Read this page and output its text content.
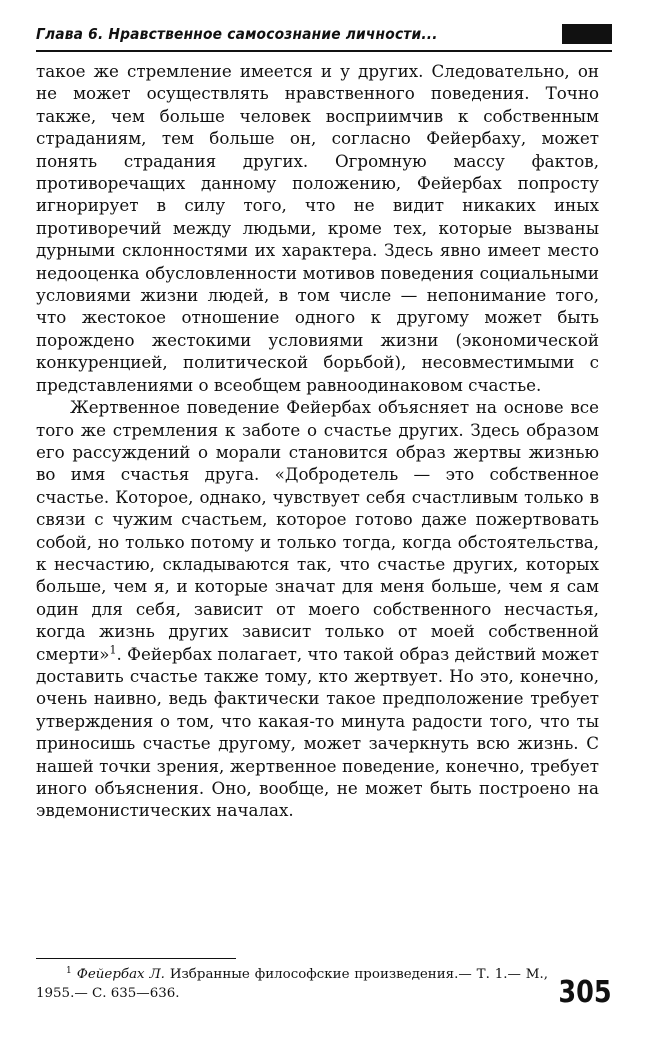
Глава 6. Нравственное самосознание личности...

такое же стремление имеется и у других. Следовательно, он не может осуществлять нравственного поведения. Точно также, чем больше человек восприимчив к собственным страданиям, тем больше он, согласно Фейербаху, может понять страдания других. Огромную массу фактов, противоречащих данному положению, Фейербах попросту игнорирует в силу того, что не видит никаких иных противоречий между людьми, кроме тех, которые вызваны дурными склонностями их характера. Здесь явно имеет место недооценка обусловленности мотивов поведения социальными условиями жизни людей, в том числе — непонимание того, что жестокое отношение одного к другому может быть порождено жестокими условиями жизни (экономической конкуренцией, политической борьбой), несовместимыми с представлениями о всеобщем равноодинаковом счастье.

Жертвенное поведение Фейербах объясняет на основе все того же стремления к заботе о счастье других. Здесь образом его рассуждений о морали становится образ жертвы жизнью во имя счастья друга. «Добродетель — это собственное счастье. Которое, однако, чувствует себя счастливым только в связи с чужим счастьем, которое готово даже пожертвовать собой, но только потому и только тогда, когда обстоятельства, к несчастию, складываются так, что счастье других, которых больше, чем я, и которые значат для меня больше, чем я сам один для себя, зависит от моего собственного несчастья, когда жизнь других зависит только от моей собственной смерти»$^1$. Фейербах полагает, что такой образ действий может доставить счастье также тому, кто жертвует. Но это, конечно, очень наивно, ведь фактически такое предположение требует утверждения о том, что какая-то минута радости того, что ты приносишь счастье другому, может зачеркнуть всю жизнь. С нашей точки зрения, жертвенное поведение, конечно, требует иного объяснения. Оно, вообще, не может быть построено на эвдемонистических началах.

$^1$ Фейербах Л. Избранные философские произведения.— Т. 1.— М., 1955.— С. 635—636.	305
